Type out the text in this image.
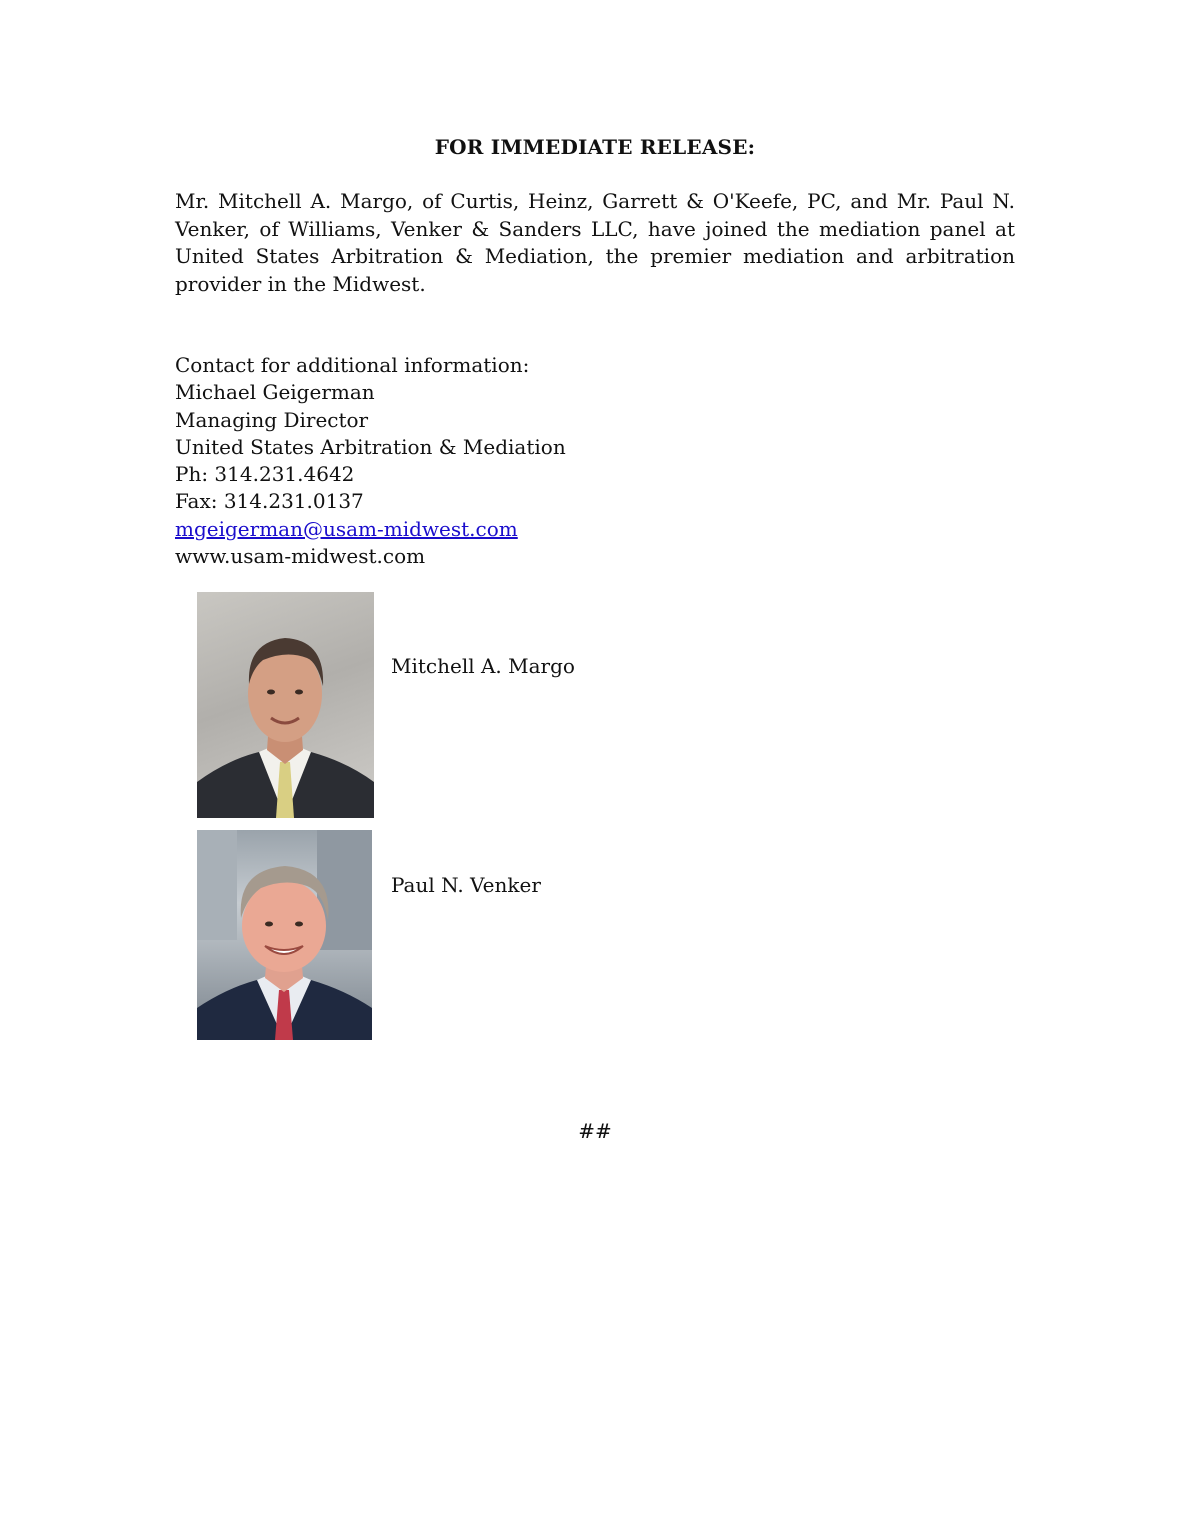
FOR IMMEDIATE RELEASE:

Mr. Mitchell A. Margo, of Curtis, Heinz, Garrett & O'Keefe, PC, and Mr. Paul N. Venker, of Williams, Venker & Sanders LLC, have joined the mediation panel at United States Arbitration & Mediation, the premier mediation and arbitration provider in the Midwest.

Contact for additional information:
Michael Geigerman
Managing Director
United States Arbitration & Mediation
Ph: 314.231.4642
Fax: 314.231.0137
mgeigerman@usam-midwest.com
www.usam-midwest.com
Mitchell A. Margo
Paul N. Venker
##
